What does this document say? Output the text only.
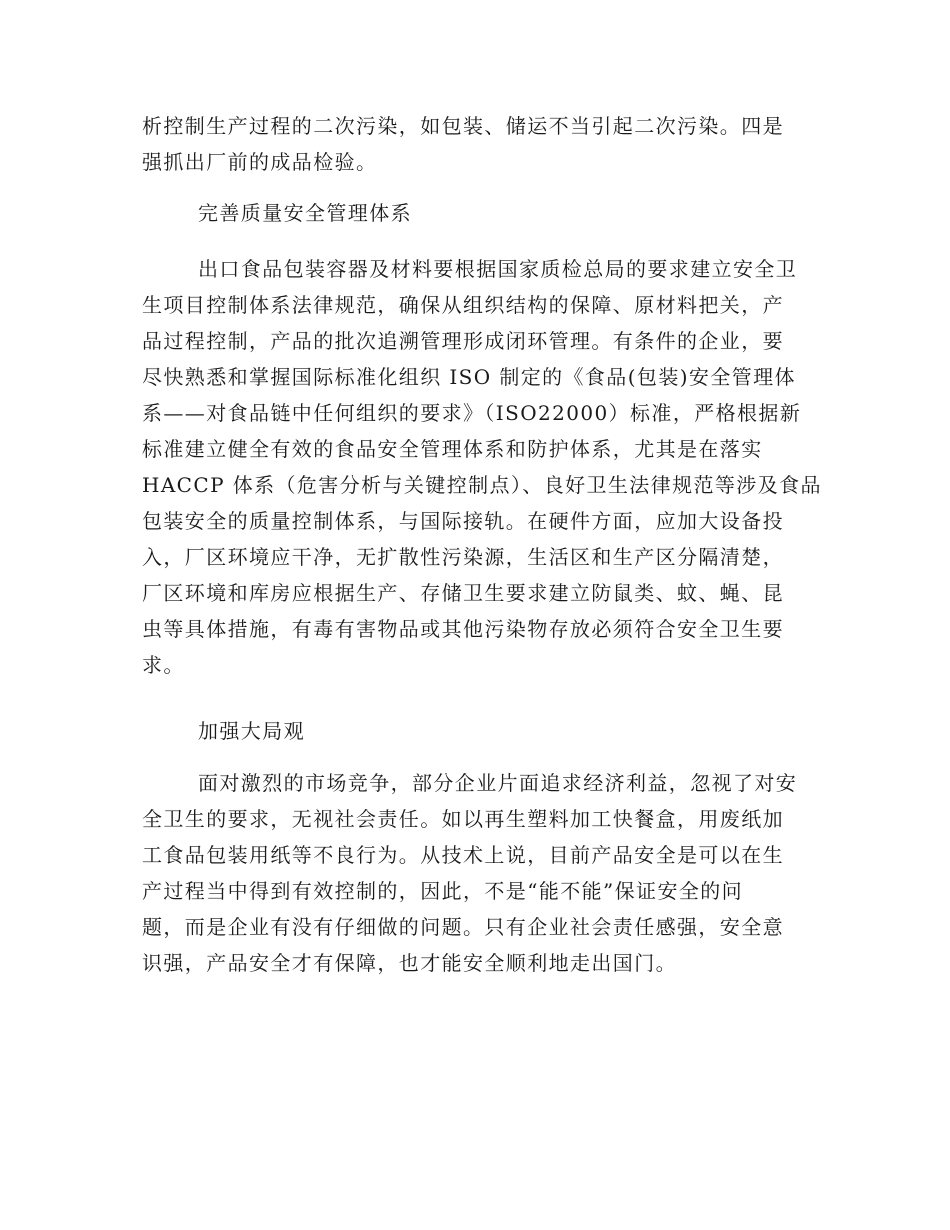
析控制生产过程的二次污染，如包装、储运不当引起二次污染。四是
强抓出厂前的成品检验。
完善质量安全管理体系
出口食品包装容器及材料要根据国家质检总局的要求建立安全卫
生项目控制体系法律规范，确保从组织结构的保障、原材料把关，产
品过程控制，产品的批次追溯管理形成闭环管理。有条件的企业，要
尽快熟悉和掌握国际标准化组织 ISO 制定的《食品(包装)安全管理体
系——对食品链中任何组织的要求》（ISO22000）标准，严格根据新
标准建立健全有效的食品安全管理体系和防护体系，尤其是在落实
HACCP 体系（危害分析与关键控制点）、良好卫生法律规范等涉及食品
包装安全的质量控制体系，与国际接轨。在硬件方面，应加大设备投
入，厂区环境应干净，无扩散性污染源，生活区和生产区分隔清楚，
厂区环境和库房应根据生产、存储卫生要求建立防鼠类、蚊、蝇、昆
虫等具体措施，有毒有害物品或其他污染物存放必须符合安全卫生要
求。
加强大局观
面对激烈的市场竞争，部分企业片面追求经济利益，忽视了对安
全卫生的要求，无视社会责任。如以再生塑料加工快餐盒，用废纸加
工食品包装用纸等不良行为。从技术上说，目前产品安全是可以在生
产过程当中得到有效控制的，因此，不是“能不能”保证安全的问
题，而是企业有没有仔细做的问题。只有企业社会责任感强，安全意
识强，产品安全才有保障，也才能安全顺利地走出国门。
